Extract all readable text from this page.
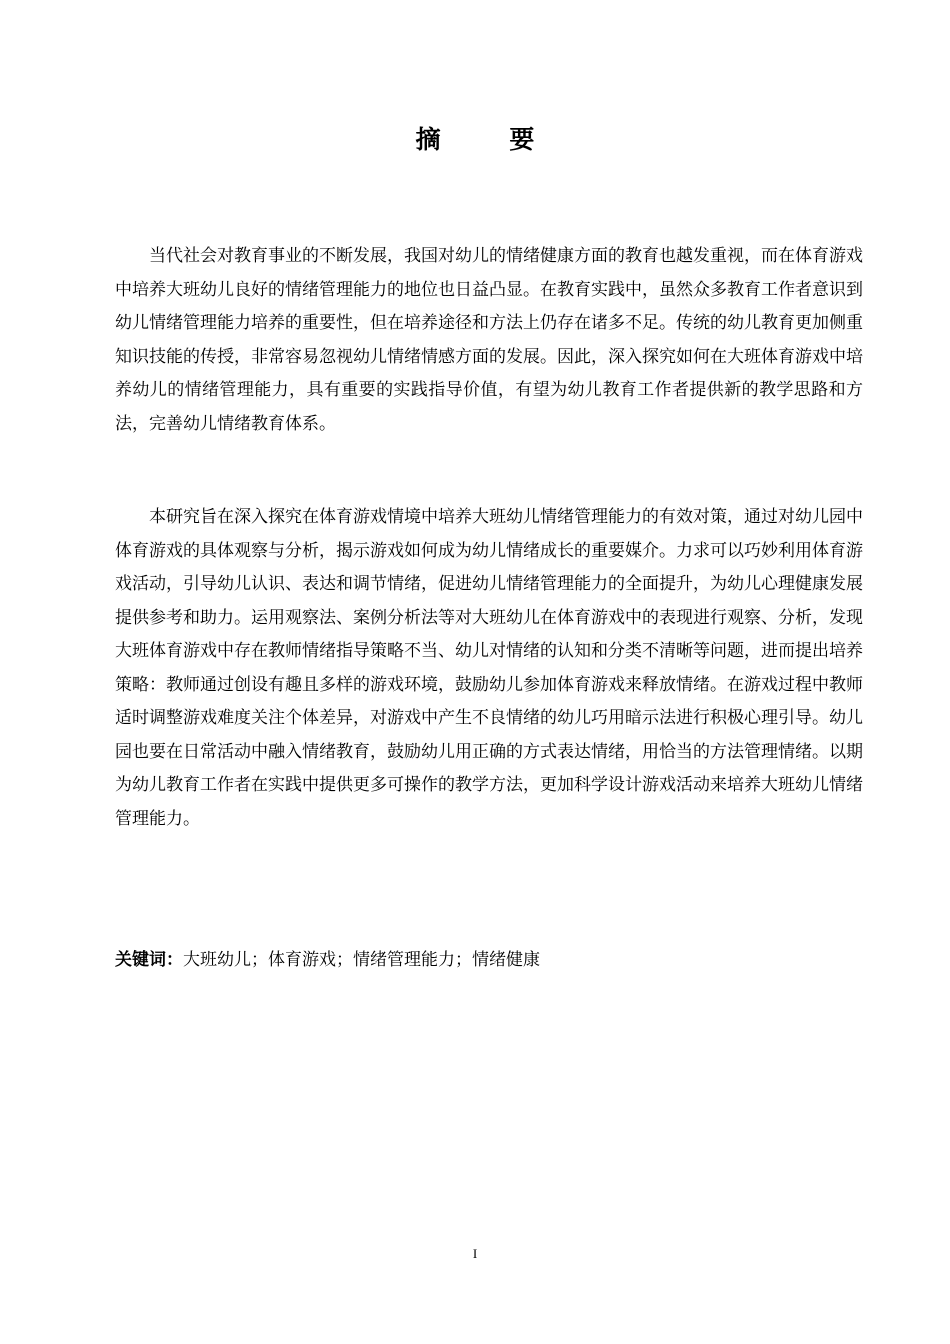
摘 要

当代社会对教育事业的不断发展，我国对幼儿的情绪健康方面的教育也越发重视，而在体育游戏中培养大班幼儿良好的情绪管理能力的地位也日益凸显。在教育实践中，虽然众多教育工作者意识到幼儿情绪管理能力培养的重要性，但在培养途径和方法上仍存在诸多不足。传统的幼儿教育更加侧重知识技能的传授，非常容易忽视幼儿情绪情感方面的发展。因此，深入探究如何在大班体育游戏中培养幼儿的情绪管理能力，具有重要的实践指导价值，有望为幼儿教育工作者提供新的教学思路和方法，完善幼儿情绪教育体系。

本研究旨在深入探究在体育游戏情境中培养大班幼儿情绪管理能力的有效对策，通过对幼儿园中体育游戏的具体观察与分析，揭示游戏如何成为幼儿情绪成长的重要媒介。力求可以巧妙利用体育游戏活动，引导幼儿认识、表达和调节情绪，促进幼儿情绪管理能力的全面提升，为幼儿心理健康发展提供参考和助力。运用观察法、案例分析法等对大班幼儿在体育游戏中的表现进行观察、分析，发现大班体育游戏中存在教师情绪指导策略不当、幼儿对情绪的认知和分类不清晰等问题，进而提出培养策略：教师通过创设有趣且多样的游戏环境，鼓励幼儿参加体育游戏来释放情绪。在游戏过程中教师适时调整游戏难度关注个体差异，对游戏中产生不良情绪的幼儿巧用暗示法进行积极心理引导。幼儿园也要在日常活动中融入情绪教育，鼓励幼儿用正确的方式表达情绪，用恰当的方法管理情绪。以期为幼儿教育工作者在实践中提供更多可操作的教学方法，更加科学设计游戏活动来培养大班幼儿情绪管理能力。

关键词：大班幼儿；体育游戏；情绪管理能力；情绪健康
I
